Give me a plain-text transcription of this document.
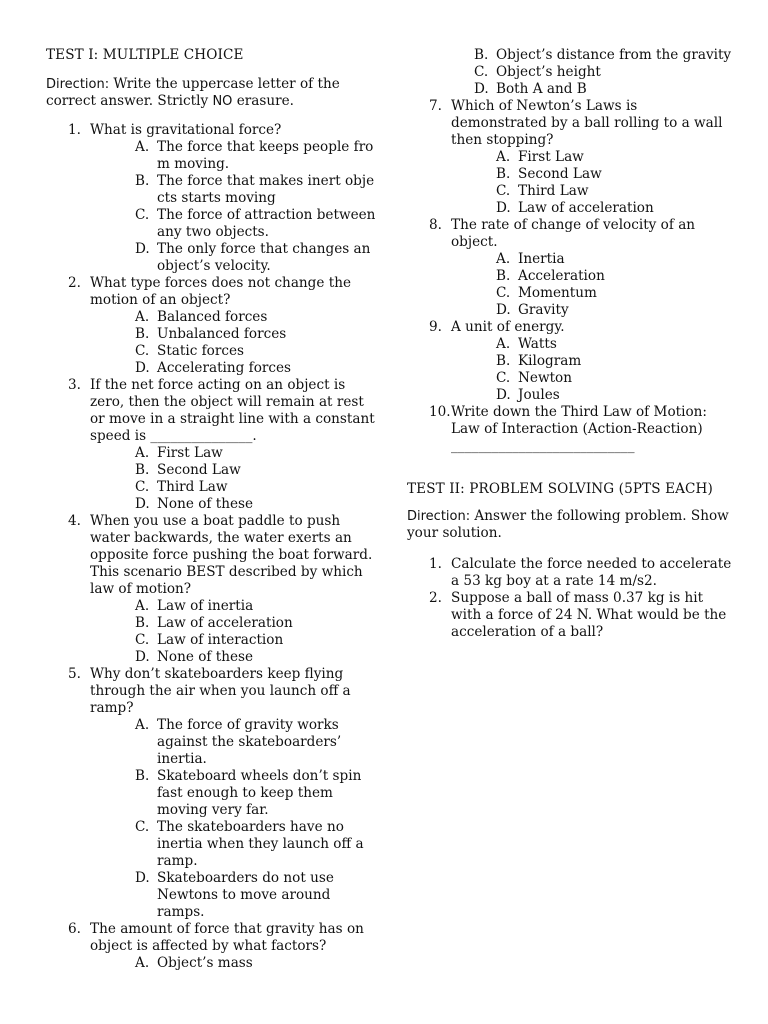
TEST I: MULTIPLE CHOICE
Direction: Write the uppercase letter of the correct answer. Strictly NO erasure.
1. What is gravitational force?
A. The force that keeps people fro m moving.
B. The force that makes inert obje cts starts moving
C. The force of attraction between any two objects.
D. The only force that changes an object’s velocity.
2. What type forces does not change the motion of an object?
A. Balanced forces
B. Unbalanced forces
C. Static forces
D. Accelerating forces
3. If the net force acting on an object is zero, then the object will remain at rest or move in a straight line with a constant speed is _______________.
A. First Law
B. Second Law
C. Third Law
D. None of these
4. When you use a boat paddle to push water backwards, the water exerts an opposite force pushing the boat forward. This scenario BEST described by which law of motion?
A. Law of inertia
B. Law of acceleration
C. Law of interaction
D. None of these
5. Why don’t skateboarders keep flying through the air when you launch off a ramp?
A. The force of gravity works against the skateboarders’ inertia.
B. Skateboard wheels don’t spin fast enough to keep them moving very far.
C. The skateboarders have no inertia when they launch off a ramp.
D. Skateboarders do not use Newtons to move around ramps.
6. The amount of force that gravity has on object is affected by what factors?
A. Object’s mass
B. Object’s distance from the gravity
C. Object’s height
D. Both A and B
7. Which of Newton’s Laws is demonstrated by a ball rolling to a wall then stopping?
A. First Law
B. Second Law
C. Third Law
D. Law of acceleration
8. The rate of change of velocity of an object.
A. Inertia
B. Acceleration
C. Momentum
D. Gravity
9. A unit of energy.
A. Watts
B. Kilogram
C. Newton
D. Joules
10. Write down the Third Law of Motion: Law of Interaction (Action-Reaction)
___________________________
TEST II: PROBLEM SOLVING (5PTS EACH)
Direction: Answer the following problem. Show your solution.
1. Calculate the force needed to accelerate a 53 kg boy at a rate 14 m/s2.
2. Suppose a ball of mass 0.37 kg is hit with a force of 24 N. What would be the acceleration of a ball?
